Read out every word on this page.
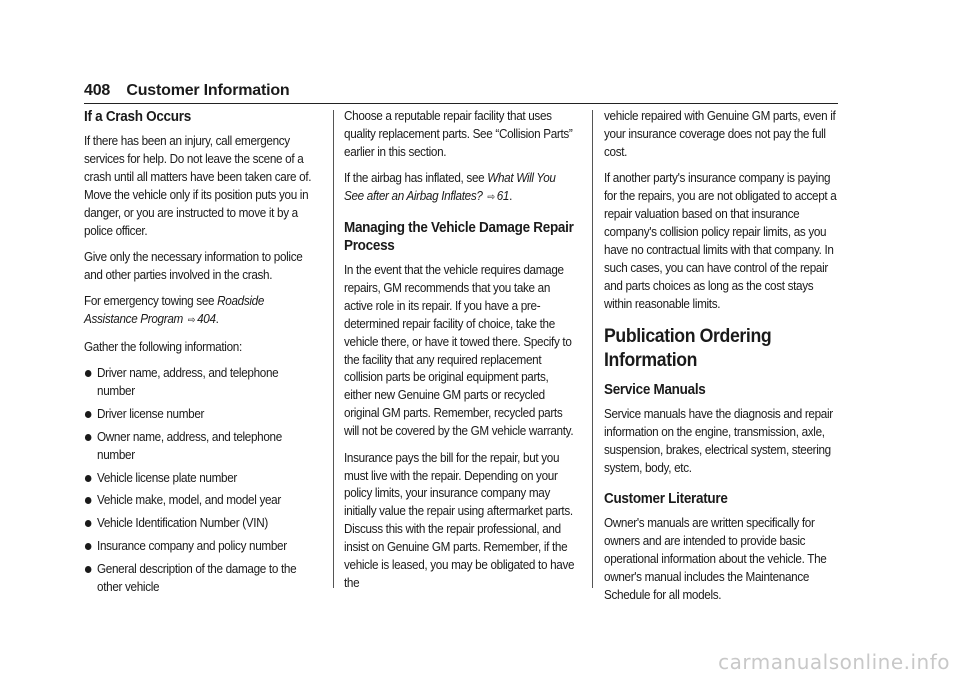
408 Customer Information
If a Crash Occurs

If there has been an injury, call emergency services for help. Do not leave the scene of a crash until all matters have been taken care of. Move the vehicle only if its position puts you in danger, or you are instructed to move it by a police officer.

Give only the necessary information to police and other parties involved in the crash.

For emergency towing see Roadside Assistance Program ⇨ 404.

Gather the following information:

Driver name, address, and telephone number
Driver license number
Owner name, address, and telephone number
Vehicle license plate number
Vehicle make, model, and model year
Vehicle Identification Number (VIN)
Insurance company and policy number
General description of the damage to the other vehicle

Choose a reputable repair facility that uses quality replacement parts. See “Collision Parts” earlier in this section.

If the airbag has inflated, see What Will You See after an Airbag Inflates? ⇨ 61.

Managing the Vehicle Damage Repair Process

In the event that the vehicle requires damage repairs, GM recommends that you take an active role in its repair. If you have a pre-determined repair facility of choice, take the vehicle there, or have it towed there. Specify to the facility that any required replacement collision parts be original equipment parts, either new Genuine GM parts or recycled original GM parts. Remember, recycled parts will not be covered by the GM vehicle warranty.

Insurance pays the bill for the repair, but you must live with the repair. Depending on your policy limits, your insurance company may initially value the repair using aftermarket parts. Discuss this with the repair professional, and insist on Genuine GM parts. Remember, if the vehicle is leased, you may be obligated to have the

vehicle repaired with Genuine GM parts, even if your insurance coverage does not pay the full cost.

If another party's insurance company is paying for the repairs, you are not obligated to accept a repair valuation based on that insurance company's collision policy repair limits, as you have no contractual limits with that company. In such cases, you can have control of the repair and parts choices as long as the cost stays within reasonable limits.

Publication Ordering Information
Service Manuals

Service manuals have the diagnosis and repair information on the engine, transmission, axle, suspension, brakes, electrical system, steering system, body, etc.

Customer Literature

Owner's manuals are written specifically for owners and are intended to provide basic operational information about the vehicle. The owner's manual includes the Maintenance Schedule for all models.

carmanualsonline.info
